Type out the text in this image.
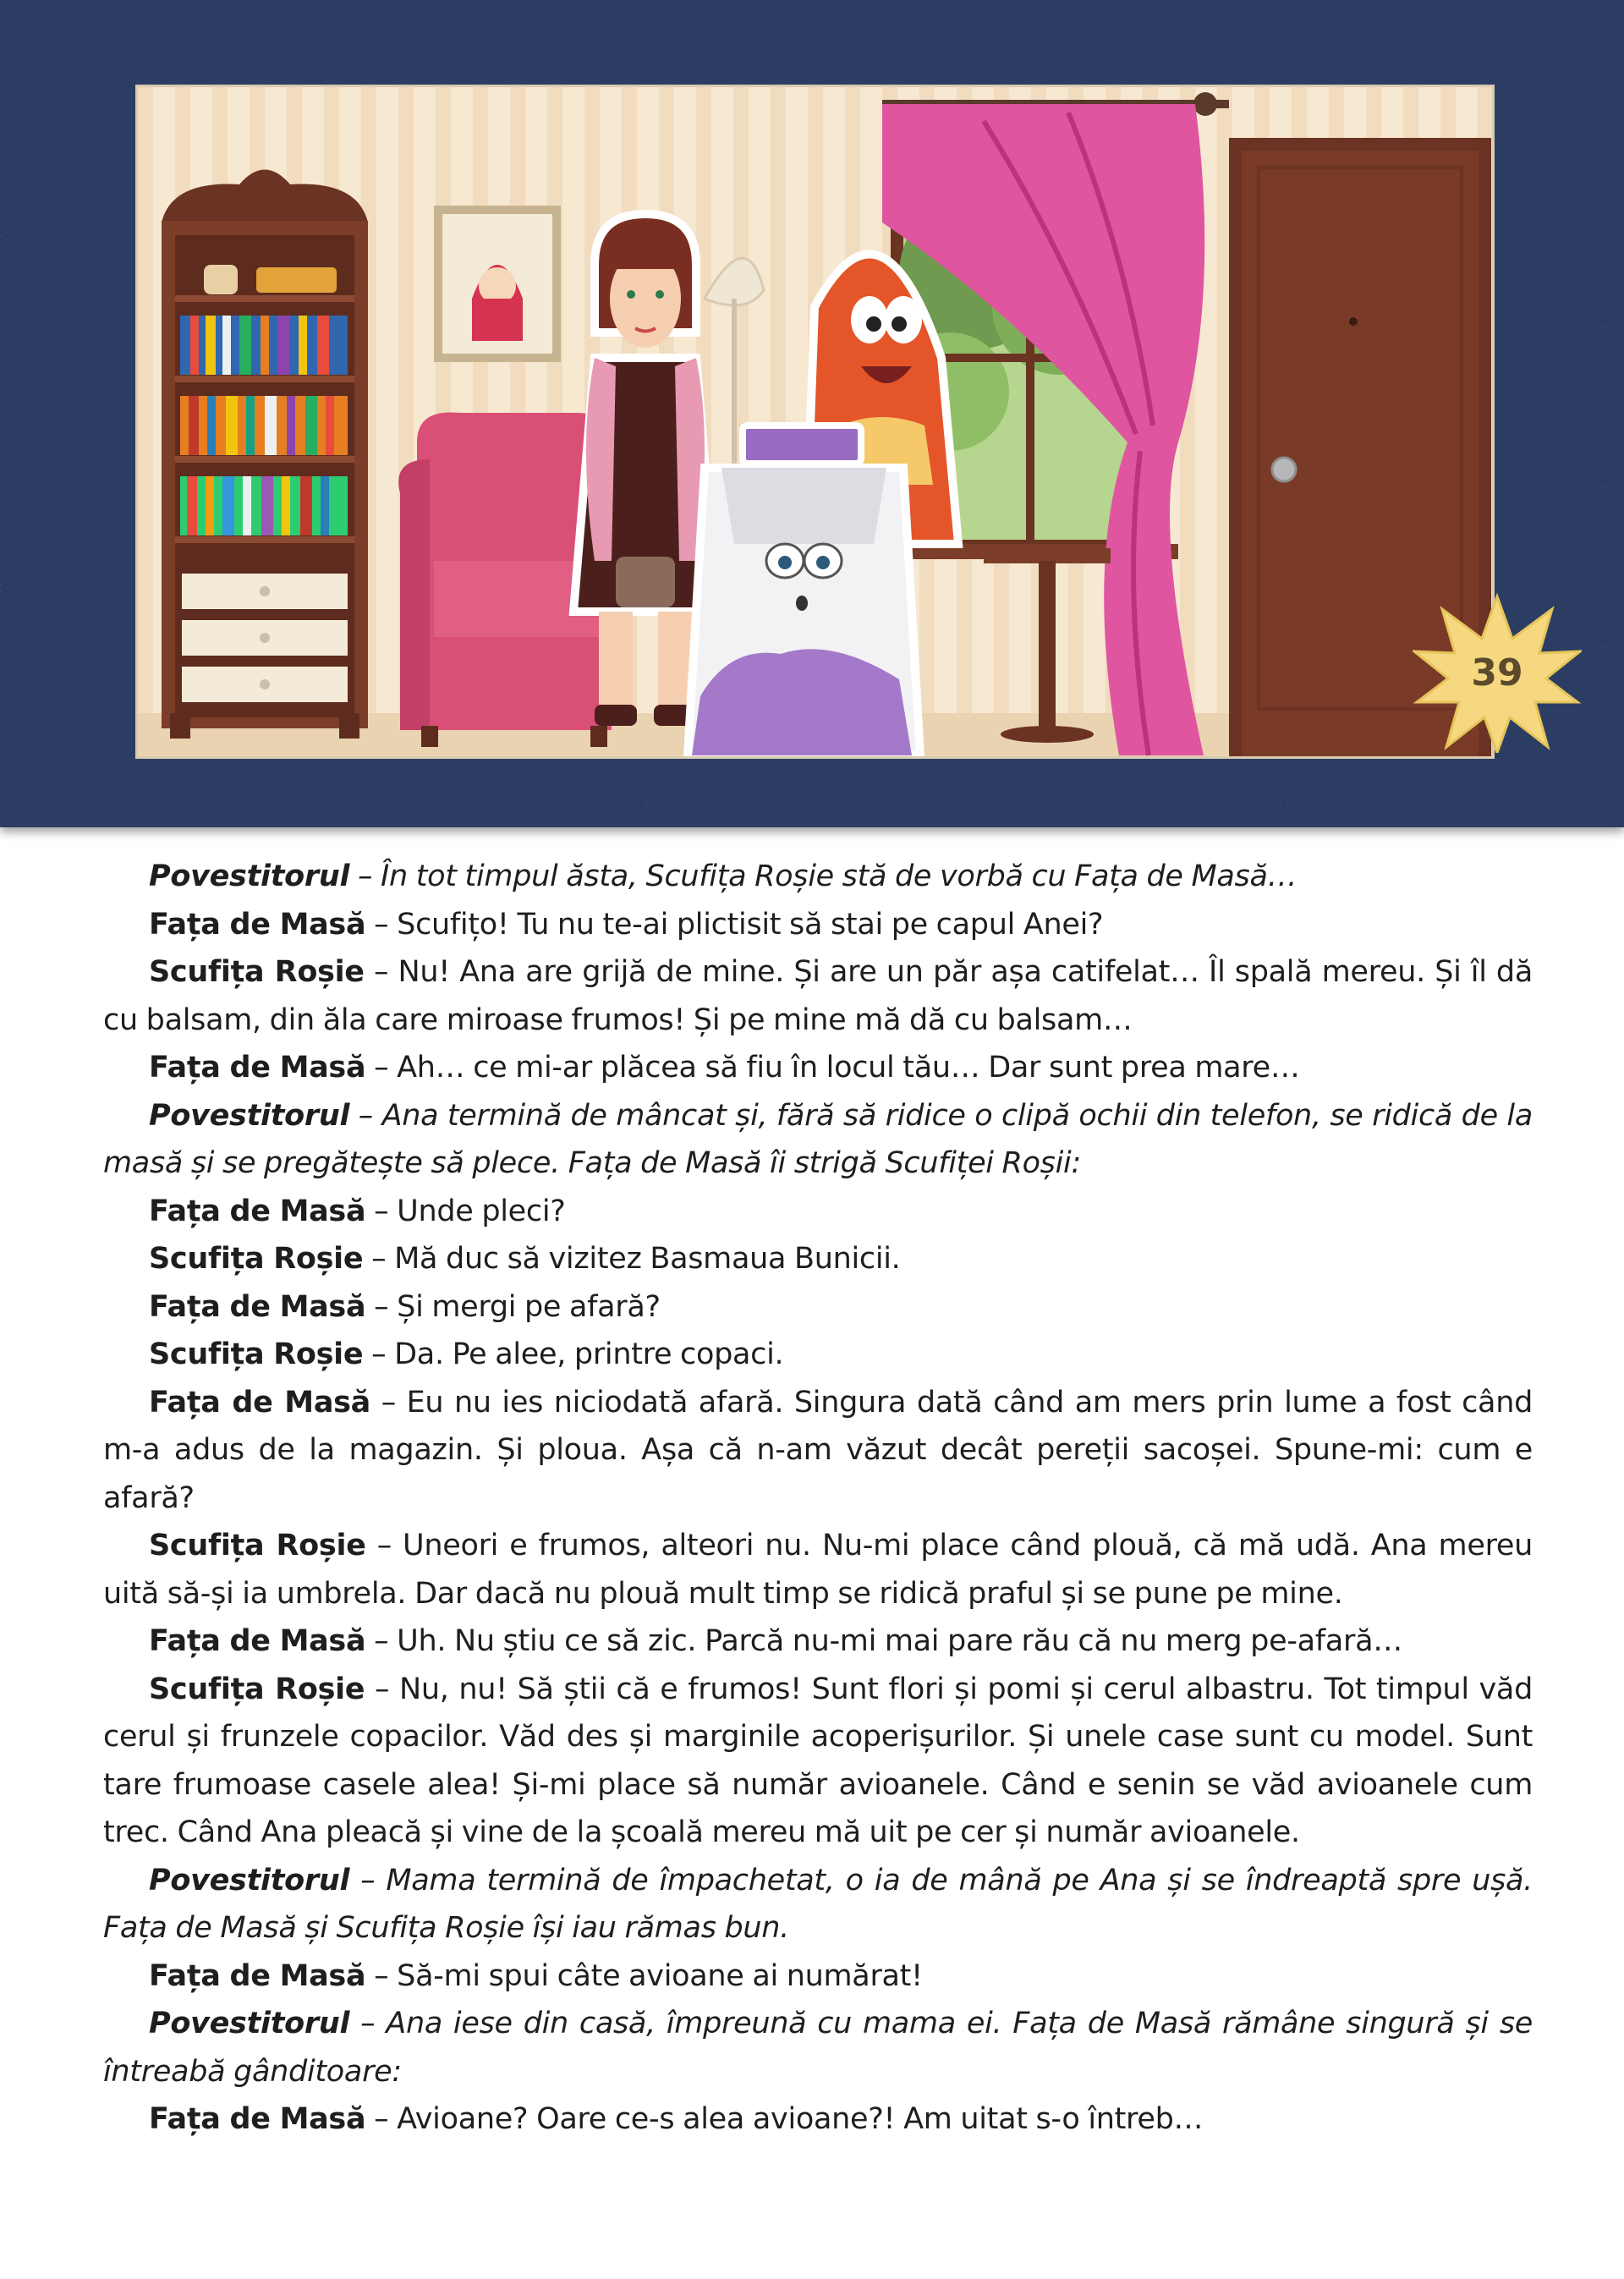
39

Povestitorul – În tot timpul ăsta, Scufița Roșie stă de vorbă cu Fața de Masă…

Fața de Masă – Scufițo! Tu nu te-ai plictisit să stai pe capul Anei?

Scufița Roșie – Nu! Ana are grijă de mine. Și are un păr așa catifelat… Îl spală mereu. Și îl dă cu balsam, din ăla care miroase frumos! Și pe mine mă dă cu balsam…

Fața de Masă – Ah… ce mi-ar plăcea să fiu în locul tău… Dar sunt prea mare…

Povestitorul – Ana termină de mâncat și, fără să ridice o clipă ochii din telefon, se ridică de la masă și se pregătește să plece. Fața de Masă îi strigă Scufiței Roșii:

Fața de Masă – Unde pleci?

Scufița Roșie – Mă duc să vizitez Basmaua Bunicii.

Fața de Masă – Și mergi pe afară?

Scufița Roșie – Da. Pe alee, printre copaci.

Fața de Masă – Eu nu ies niciodată afară. Singura dată când am mers prin lume a fost când m-a adus de la magazin. Și ploua. Așa că n-am văzut decât pereții sacoșei. Spune-mi: cum e afară?

Scufița Roșie – Uneori e frumos, alteori nu. Nu-mi place când plouă, că mă udă. Ana mereu uită să-și ia umbrela. Dar dacă nu plouă mult timp se ridică praful și se pune pe mine.

Fața de Masă – Uh. Nu știu ce să zic. Parcă nu-mi mai pare rău că nu merg pe-afară…

Scufița Roșie – Nu, nu! Să știi că e frumos! Sunt flori și pomi și cerul albastru. Tot timpul văd cerul și frunzele copacilor. Văd des și marginile acoperișurilor. Și unele case sunt cu model. Sunt tare frumoase casele alea! Și-mi place să număr avioanele. Când e senin se văd avioanele cum trec. Când Ana pleacă și vine de la școală mereu mă uit pe cer și număr avioanele.

Povestitorul – Mama termină de împachetat, o ia de mână pe Ana și se îndreaptă spre ușă. Fața de Masă și Scufița Roșie își iau rămas bun.

Fața de Masă – Să-mi spui câte avioane ai numărat!

Povestitorul – Ana iese din casă, împreună cu mama ei. Fața de Masă rămâne singură și se întreabă gânditoare:

Fața de Masă – Avioane? Oare ce-s alea avioane?! Am uitat s-o întreb…
